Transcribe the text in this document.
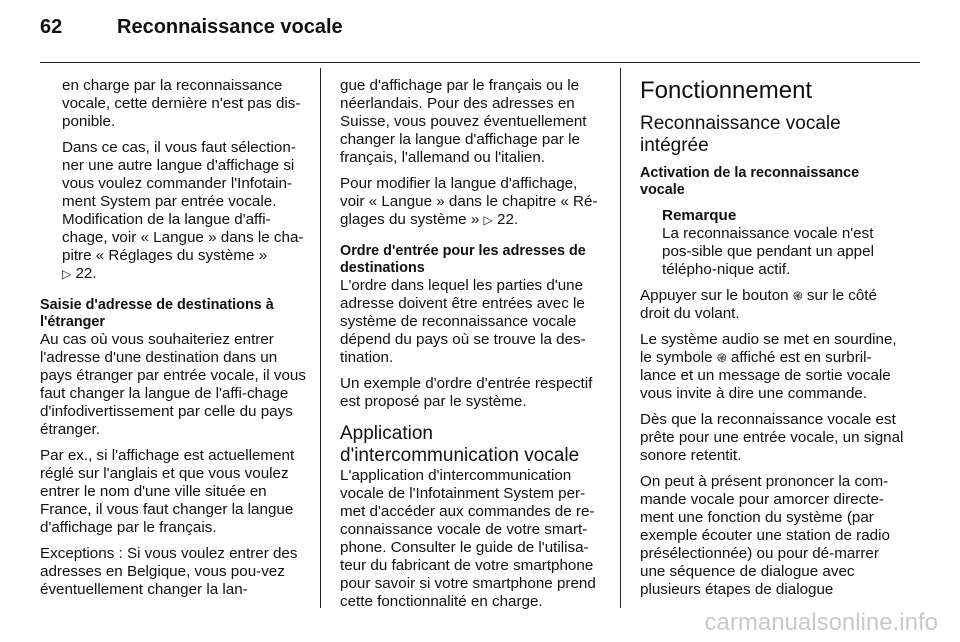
62	Reconnaissance vocale

en charge par la reconnaissance vocale, cette dernière n'est pas dis-ponible.

Dans ce cas, il vous faut sélection-ner une autre langue d'affichage si vous voulez commander l'Infotain-ment System par entrée vocale. Modification de la langue d'affi-chage, voir « Langue » dans le cha-pitre « Réglages du système »
▷ 22.

Saisie d'adresse de destinations à l'étranger

Au cas où vous souhaiteriez entrer l'adresse d'une destination dans un pays étranger par entrée vocale, il vous faut changer la langue de l'affi-chage d'infodivertissement par celle du pays étranger.

Par ex., si l'affichage est actuellement réglé sur l'anglais et que vous voulez entrer le nom d'une ville située en France, il vous faut changer la langue d'affichage par le français.

Exceptions : Si vous voulez entrer des adresses en Belgique, vous pou-vez éventuellement changer la lan-

gue d'affichage par le français ou le néerlandais. Pour des adresses en Suisse, vous pouvez éventuellement changer la langue d'affichage par le français, l'allemand ou l'italien.

Pour modifier la langue d'affichage, voir « Langue » dans le chapitre « Ré-glages du système » ▷ 22.

Ordre d'entrée pour les adresses de destinations

L'ordre dans lequel les parties d'une adresse doivent être entrées avec le système de reconnaissance vocale dépend du pays où se trouve la des-tination.

Un exemple d'ordre d'entrée respectif est proposé par le système.

Application d'intercommunication vocale

L'application d'intercommunication vocale de l'Infotainment System per-met d'accéder aux commandes de re-connaissance vocale de votre smart-phone. Consulter le guide de l'utilisa-teur du fabricant de votre smartphone pour savoir si votre smartphone prend cette fonctionnalité en charge.

Fonctionnement

Reconnaissance vocale intégrée

Activation de la reconnaissance vocale

Remarque
La reconnaissance vocale n'est pos-sible que pendant un appel télépho-nique actif.

Appuyer sur le bouton ֎ sur le côté droit du volant.

Le système audio se met en sourdine, le symbole ֎ affiché est en surbril-lance et un message de sortie vocale vous invite à dire une commande.

Dès que la reconnaissance vocale est prête pour une entrée vocale, un signal sonore retentit.

On peut à présent prononcer la com-mande vocale pour amorcer directe-ment une fonction du système (par exemple écouter une station de radio présélectionnée) ou pour dé-marrer une séquence de dialogue avec plusieurs étapes de dialogue

carmanualsonline.info
